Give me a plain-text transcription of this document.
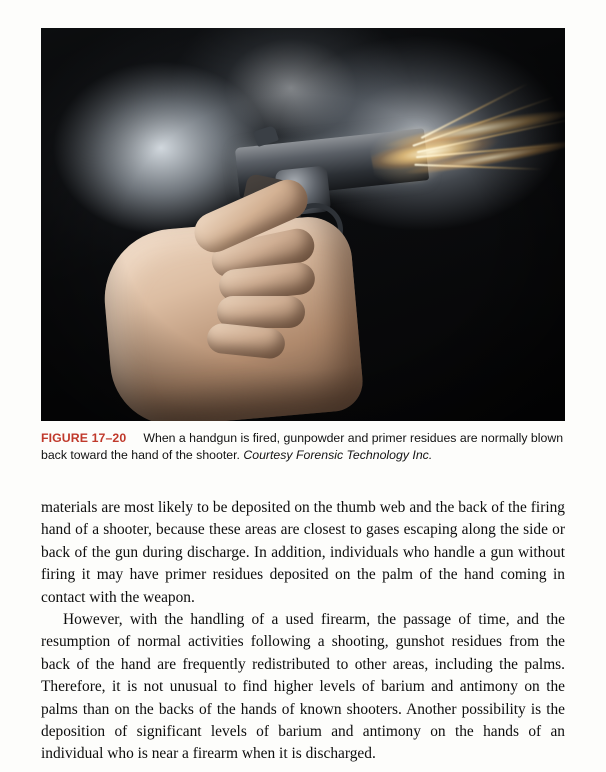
FIGURE 17–20 When a handgun is fired, gunpowder and primer residues are normally blown back toward the hand of the shooter. Courtesy Forensic Technology Inc.

materials are most likely to be deposited on the thumb web and the back of the firing hand of a shooter, because these areas are closest to gases escaping along the side or back of the gun during discharge. In addition, individuals who handle a gun without firing it may have primer residues deposited on the palm of the hand coming in contact with the weapon.

However, with the handling of a used firearm, the passage of time, and the resumption of normal activities following a shooting, gunshot residues from the back of the hand are frequently redistributed to other areas, including the palms. Therefore, it is not unusual to find higher levels of barium and antimony on the palms than on the backs of the hands of known shooters. Another possibility is the deposition of significant levels of barium and antimony on the hands of an individual who is near a firearm when it is discharged.
